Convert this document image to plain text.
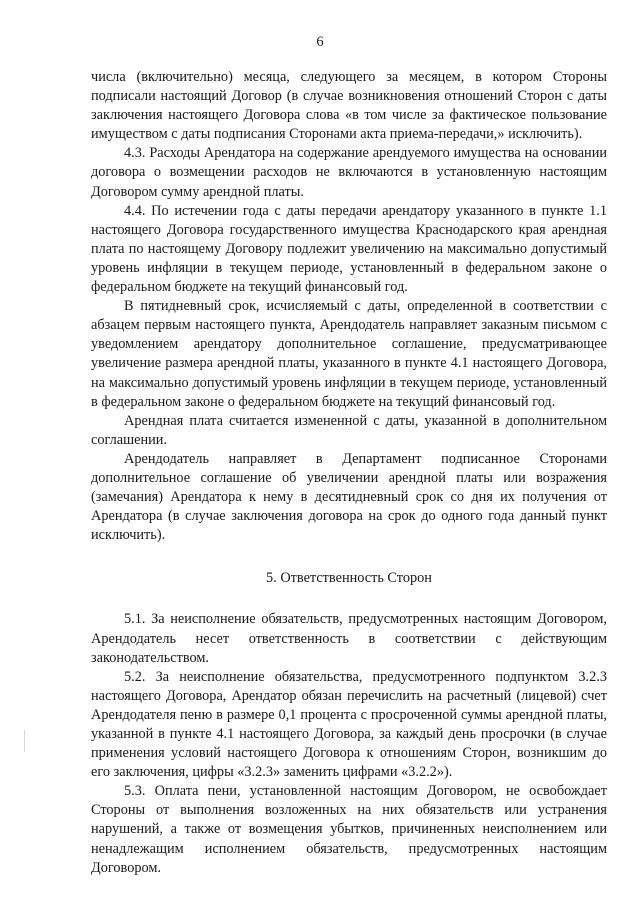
6

числа (включительно) месяца, следующего за месяцем, в котором Стороны подписали настоящий Договор (в случае возникновения отношений Сторон с даты заключения настоящего Договора слова «в том числе за фактическое пользование имуществом с даты подписания Сторонами акта приема-передачи,» исключить).

4.3. Расходы Арендатора на содержание арендуемого имущества на основании договора о возмещении расходов не включаются в установленную настоящим Договором сумму арендной платы.

4.4. По истечении года с даты передачи арендатору указанного в пункте 1.1 настоящего Договора государственного имущества Краснодарского края арендная плата по настоящему Договору подлежит увеличению на максимально допустимый уровень инфляции в текущем периоде, установленный в федеральном законе о федеральном бюджете на текущий финансовый год.

В пятидневный срок, исчисляемый с даты, определенной в соответствии с абзацем первым настоящего пункта, Арендодатель направляет заказным письмом с уведомлением арендатору дополнительное соглашение, предусматривающее увеличение размера арендной платы, указанного в пункте 4.1 настоящего Договора, на максимально допустимый уровень инфляции в текущем периоде, установленный в федеральном законе о федеральном бюджете на текущий финансовый год.

Арендная плата считается измененной с даты, указанной в дополнительном соглашении.

Арендодатель направляет в Департамент подписанное Сторонами дополнительное соглашение об увеличении арендной платы или возражения (замечания) Арендатора к нему в десятидневный срок со дня их получения от Арендатора (в случае заключения договора на срок до одного года данный пункт исключить).

5. Ответственность Сторон

5.1. За неисполнение обязательств, предусмотренных настоящим Договором, Арендодатель несет ответственность в соответствии с действующим законодательством.

5.2. За неисполнение обязательства, предусмотренного подпунктом 3.2.3 настоящего Договора, Арендатор обязан перечислить на расчетный (лицевой) счет Арендодателя пеню в размере 0,1 процента с просроченной суммы арендной платы, указанной в пункте 4.1 настоящего Договора, за каждый день просрочки (в случае применения условий настоящего Договора к отношениям Сторон, возникшим до его заключения, цифры «3.2.3» заменить цифрами «3.2.2»).

5.3. Оплата пени, установленной настоящим Договором, не освобождает Стороны от выполнения возложенных на них обязательств или устранения нарушений, а также от возмещения убытков, причиненных неисполнением или ненадлежащим исполнением обязательств, предусмотренных настоящим Договором.
